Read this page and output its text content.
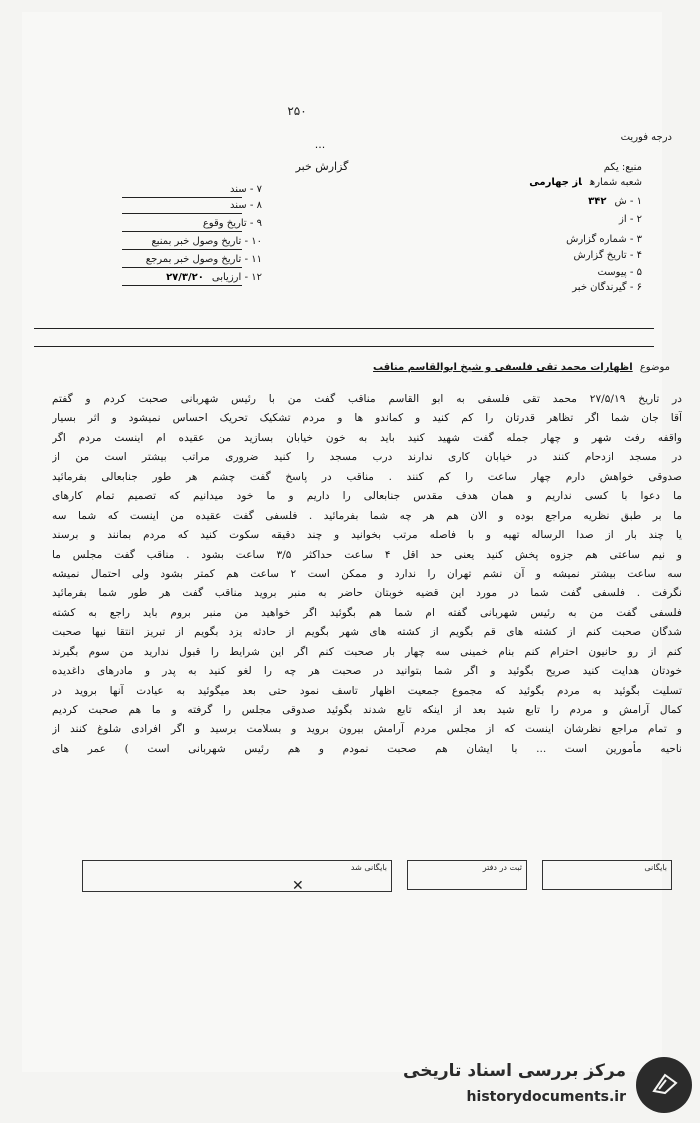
۲۵۰
...
گزارش خبر
درجه فوریت
منبع: یکم
شعبه شمارهاز جهارمی
۱ - ش۳۴۲
۲ - از
۳ - شماره گزارش
۴ - تاریخ گزارش
۵ - پیوست
۶ - گیرندگان خبر
۷ - سند
۸ - سند
۹ - تاریخ وقوع
۱۰ - تاریخ وصول خبر بمنبع
۱۱ - تاریخ وصول خبر بمرجع
۱۲ - ارزیابی۲۷/۳/۲۰
موضوع اظهارات محمد تقی فلسفی و شیخ ابوالقاسم مناقب

در تاریخ ۲۷/۵/۱۹ محمد تقی فلسفی به ابو القاسم مناقب گفت من با رئیس شهربانی صحبت کردم و گفتم

آقا جان شما اگر تظاهر قدرتان را کم کنید و کماندو ها و مردم تشکیک تحریک احساس نمیشود و اثر بسیار

واقفه رفت شهر و چهار جمله گفت شهید کنید باید به خون خیابان بسازید من عقیده ام اینست مردم اگر

در مسجد ازدحام کنند در خیابان کاری ندارند درب مسجد را کنید ضروری مراتب بیشتر است من از

صدوقی خواهش دارم چهار ساعت را کم کنند . مناقب در پاسخ گفت چشم هر طور جنابعالی بفرمائید

ما دعوا با کسی نداریم و همان هدف مقدس جنابعالی را داریم و ما خود میدانیم که تصمیم تمام کارهای

ما بر طبق نظریه مراجع بوده و الان هم هر چه شما بفرمائید . فلسفی گفت عقیده من اینست که شما سه

یا چند بار از صدا الرساله تهیه و با فاصله مرتب بخوانید و چند دقیقه سکوت کنید که مردم بمانند و برسند

و نیم ساعتی هم جزوه پخش کنید یعنی حد اقل ۴ ساعت حداکثر ۳/۵ ساعت بشود . مناقب گفت مجلس ما

سه ساعت بیشتر نمیشه و آن نشم تهران را ندارد و ممکن است ۲ ساعت هم کمتر بشود ولی احتمال نمیشه

نگرفت . فلسفی گفت شما در مورد این قضیه خوبتان حاضر به منبر بروید مناقب گفت هر طور شما بفرمائید

فلسفی گفت من به رئیس شهربانی گفته ام شما هم بگوئید اگر خواهید من منبر بروم باید راجع به کشته

شدگان صحبت کنم از کشته های قم بگویم از کشته های شهر بگویم از حادثه یزد بگویم از تبریز انتقا نیها صحبت

کنم از رو حانیون احترام کنم بنام خمینی سه چهار بار صحبت کنم اگر این شرایط را قبول ندارید من سوم بگیرند

خودتان هدایت کنید صریح بگوئید و اگر شما بتوانید در صحبت هر چه را لغو کنید به پدر و مادرهای داغدیده

تسلیت بگوئید به مردم بگوئید که مجموع جمعیت اظهار تاسف نمود حتی بعد میگوئید به عیادت آنها بروید در

کمال آرامش و مردم را تابع شید بعد از اینکه تابع شدند بگوئید صدوقی مجلس را گرفته و ما هم صحبت کردیم

و تمام مراجع نظرشان اینست که از مجلس مردم آرامش بیرون بروید و بسلامت برسید و اگر افرادی شلوغ کنند از

ناحیه مأمورین است ... با ایشان هم صحبت نمودم و هم رئیس شهربانی است ) عمر های

بایگانی شد	ثبت در دفتر	بایگانی
✕
مرکز بررسی اسناد تاریخی
historydocuments.ir
